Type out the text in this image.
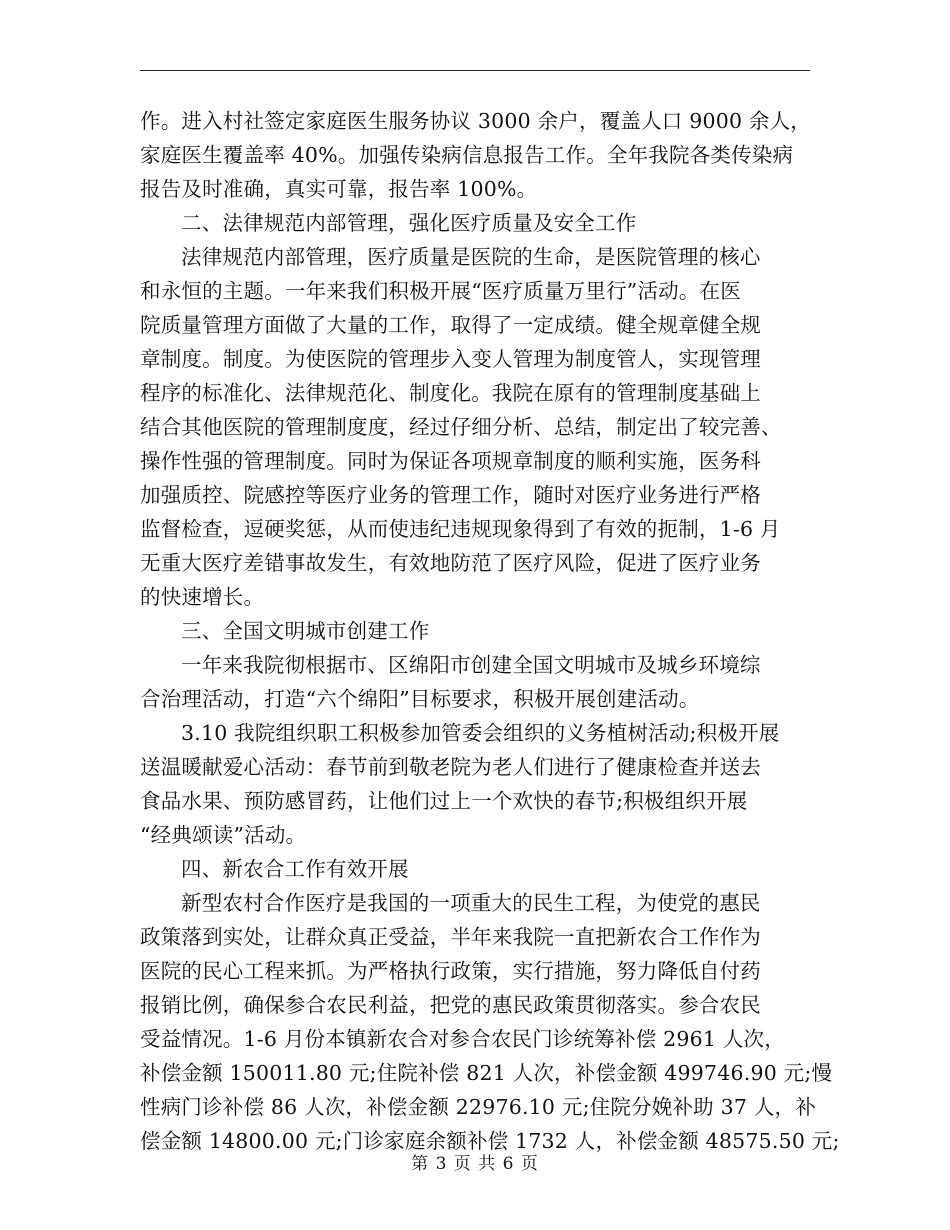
作。进入村社签定家庭医生服务协议 3000 余户，覆盖人口 9000 余人，
家庭医生覆盖率 40%。加强传染病信息报告工作。全年我院各类传染病
报告及时准确，真实可靠，报告率 100%。
二、法律规范内部管理，强化医疗质量及安全工作
法律规范内部管理，医疗质量是医院的生命，是医院管理的核心
和永恒的主题。一年来我们积极开展“医疗质量万里行”活动。在医
院质量管理方面做了大量的工作，取得了一定成绩。健全规章健全规
章制度。制度。为使医院的管理步入变人管理为制度管人，实现管理
程序的标准化、法律规范化、制度化。我院在原有的管理制度基础上
结合其他医院的管理制度度，经过仔细分析、总结，制定出了较完善、
操作性强的管理制度。同时为保证各项规章制度的顺利实施，医务科
加强质控、院感控等医疗业务的管理工作，随时对医疗业务进行严格
监督检查，逗硬奖惩，从而使违纪违规现象得到了有效的扼制，1-6 月
无重大医疗差错事故发生，有效地防范了医疗风险，促进了医疗业务
的快速增长。
三、全国文明城市创建工作
一年来我院彻根据市、区绵阳市创建全国文明城市及城乡环境综
合治理活动，打造“六个绵阳”目标要求，积极开展创建活动。
3.10 我院组织职工积极参加管委会组织的义务植树活动;积极开展
送温暖献爱心活动：春节前到敬老院为老人们进行了健康检查并送去
食品水果、预防感冒药，让他们过上一个欢快的春节;积极组织开展
“经典颂读”活动。
四、新农合工作有效开展
新型农村合作医疗是我国的一项重大的民生工程，为使党的惠民
政策落到实处，让群众真正受益，半年来我院一直把新农合工作作为
医院的民心工程来抓。为严格执行政策，实行措施，努力降低自付药
报销比例，确保参合农民利益，把党的惠民政策贯彻落实。参合农民
受益情况。1-6 月份本镇新农合对参合农民门诊统筹补偿 2961 人次，
补偿金额 150011.80 元;住院补偿 821 人次，补偿金额 499746.90 元;慢
性病门诊补偿 86 人次，补偿金额 22976.10 元;住院分娩补助 37 人，补
偿金额 14800.00 元;门诊家庭余额补偿 1732 人，补偿金额 48575.50 元;
第 3 页 共 6 页
